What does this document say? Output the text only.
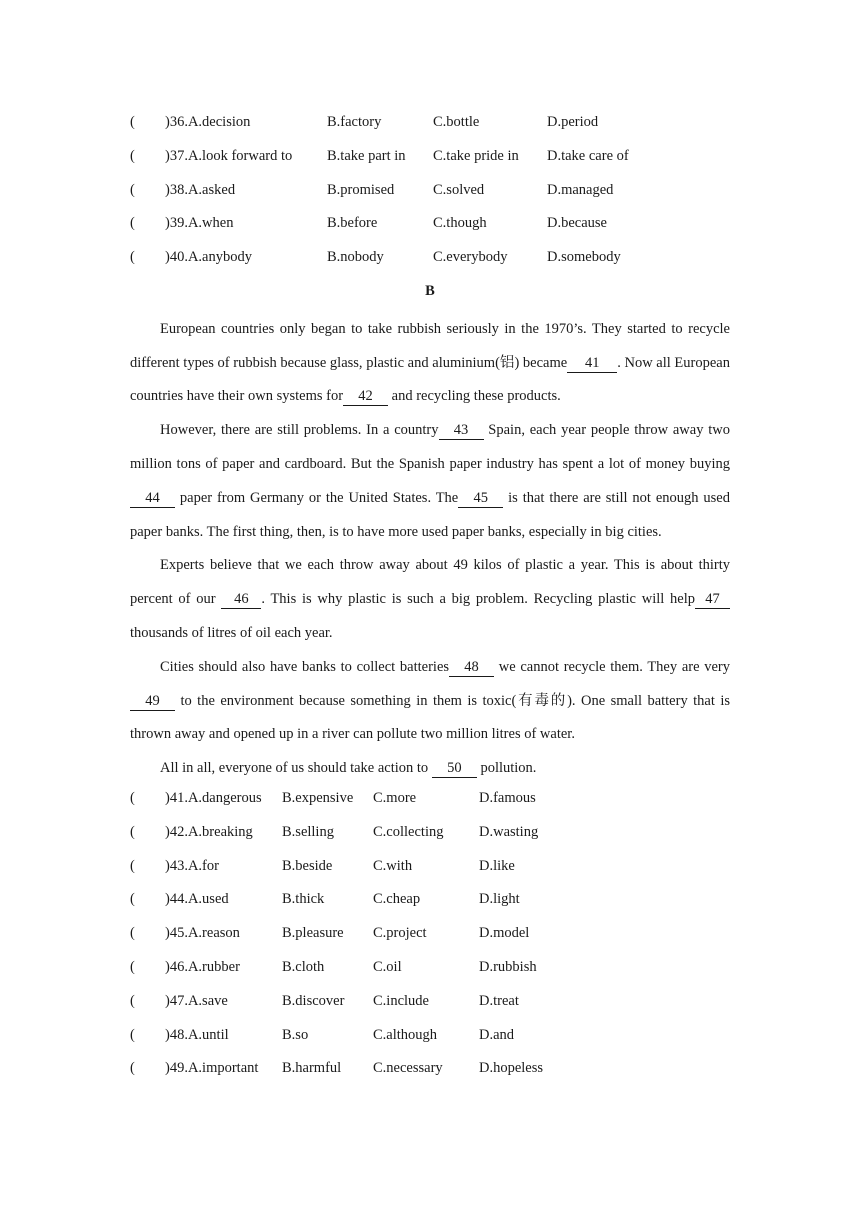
( )36.A.decision	B.factory	C.bottle	D.period
( )37.A.look forward to B.take part in C.take pride in D.take care of
( )38.A.asked	B.promised	C.solved	D.managed
( )39.A.when	B.before	C.though	D.because
( )40.A.anybody	B.nobody	C.everybody	D.somebody
B

European countries only began to take rubbish seriously in the 1970’s. They started to recycle different types of rubbish because glass, plastic and aluminium(铝) became 41 . Now all European countries have their own systems for 42 and recycling these products.

However, there are still problems. In a country 43 Spain, each year people throw away two million tons of paper and cardboard. But the Spanish paper industry has spent a lot of money buying 44 paper from Germany or the United States. The 45 is that there are still not enough used paper banks. The first thing, then, is to have more used paper banks, especially in big cities.

Experts believe that we each throw away about 49 kilos of plastic a year. This is about thirty percent of our 46 . This is why plastic is such a big problem. Recycling plastic will help 47 thousands of litres of oil each year.

Cities should also have banks to collect batteries 48 we cannot recycle them. They are very49 to the environment because something in them is toxic(有毒的). One small battery that is thrown away and opened up in a river can pollute two million litres of water.

All in all, everyone of us should take action to 50 pollution.

( )41.A.dangerous B.expensive C.more	D.famous
( )42.A.breaking B.selling	C.collecting D.wasting
( )43.A.for	B.beside	C.with	D.like
( )44.A.used	B.thick	C.cheap	D.light
( )45.A.reason	B.pleasure C.project	D.model
( )46.A.rubber	B.cloth	C.oil	D.rubbish
( )47.A.save	B.discover C.include	D.treat
( )48.A.until	B.so	C.although	D.and
( )49.A.important B.harmful C.necessary	D.hopeless
